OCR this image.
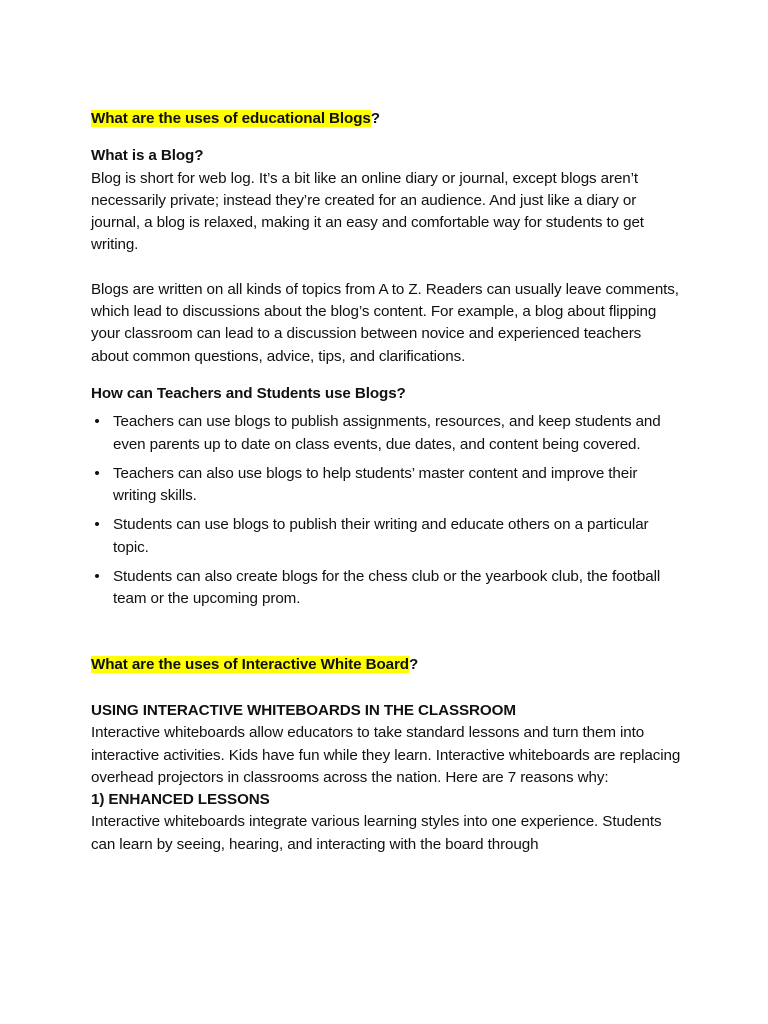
What are the uses of educational Blogs?
What is a Blog?

Blog is short for web log. It’s a bit like an online diary or journal, except blogs aren’t necessarily private; instead they’re created for an audience. And just like a diary or journal, a blog is relaxed, making it an easy and comfortable way for students to get writing.

Blogs are written on all kinds of topics from A to Z. Readers can usually leave comments, which lead to discussions about the blog’s content. For example, a blog about flipping your classroom can lead to a discussion between novice and experienced teachers about common questions, advice, tips, and clarifications.

How can Teachers and Students use Blogs?
• Teachers can use blogs to publish assignments, resources, and keep students and even parents up to date on class events, due dates, and content being covered.
• Teachers can also use blogs to help students’ master content and improve their writing skills.
• Students can use blogs to publish their writing and educate others on a particular topic.
• Students can also create blogs for the chess club or the yearbook club, the football team or the upcoming prom.
What are the uses of Interactive White Board?
USING INTERACTIVE WHITEBOARDS IN THE CLASSROOM

Interactive whiteboards allow educators to take standard lessons and turn them into interactive activities. Kids have fun while they learn. Interactive whiteboards are replacing overhead projectors in classrooms across the nation. Here are 7 reasons why:

1) ENHANCED LESSONS

Interactive whiteboards integrate various learning styles into one experience. Students can learn by seeing, hearing, and interacting with the board through
